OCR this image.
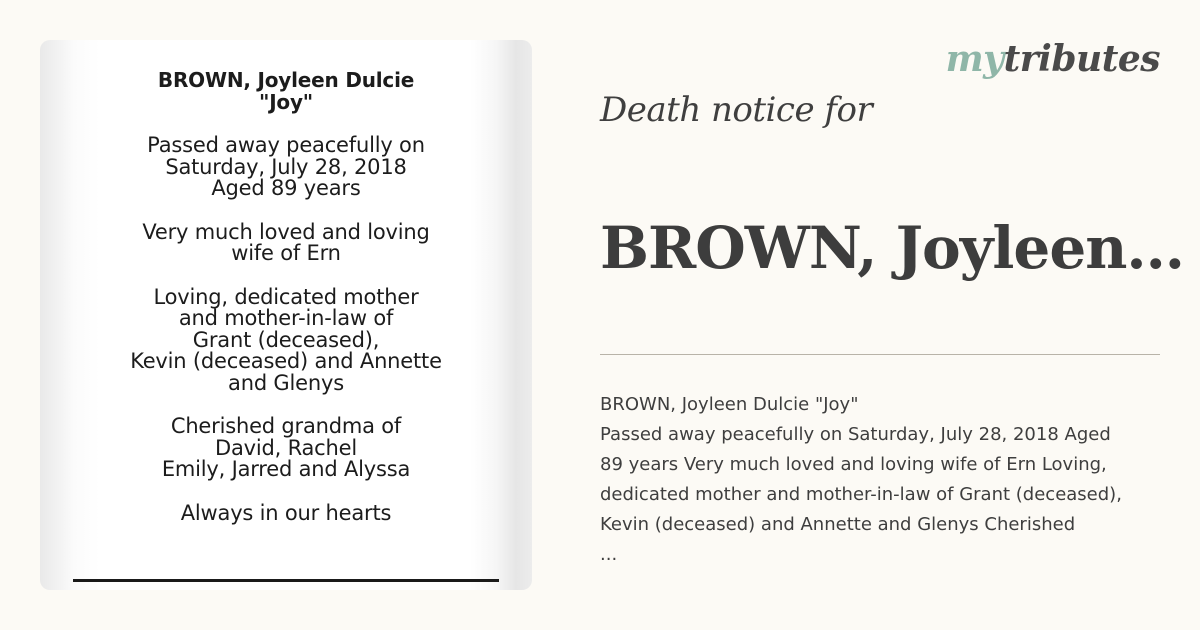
BROWN, Joyleen Dulcie
"Joy"
Passed away peacefully on
Saturday, July 28, 2018
Aged 89 years
Very much loved and loving
wife of Ern
Loving, dedicated mother
and mother-in-law of
Grant (deceased),
Kevin (deceased) and Annette
and Glenys
Cherished grandma of
David, Rachel
Emily, Jarred and Alyssa
Always in our hearts
mytributes
Death notice for
BROWN, Joyleen...
BROWN, Joyleen Dulcie "Joy"
Passed away peacefully on Saturday, July 28, 2018 Aged
89 years Very much loved and loving wife of Ern Loving,
dedicated mother and mother-in-law of Grant (deceased),
Kevin (deceased) and Annette and Glenys Cherished
...
